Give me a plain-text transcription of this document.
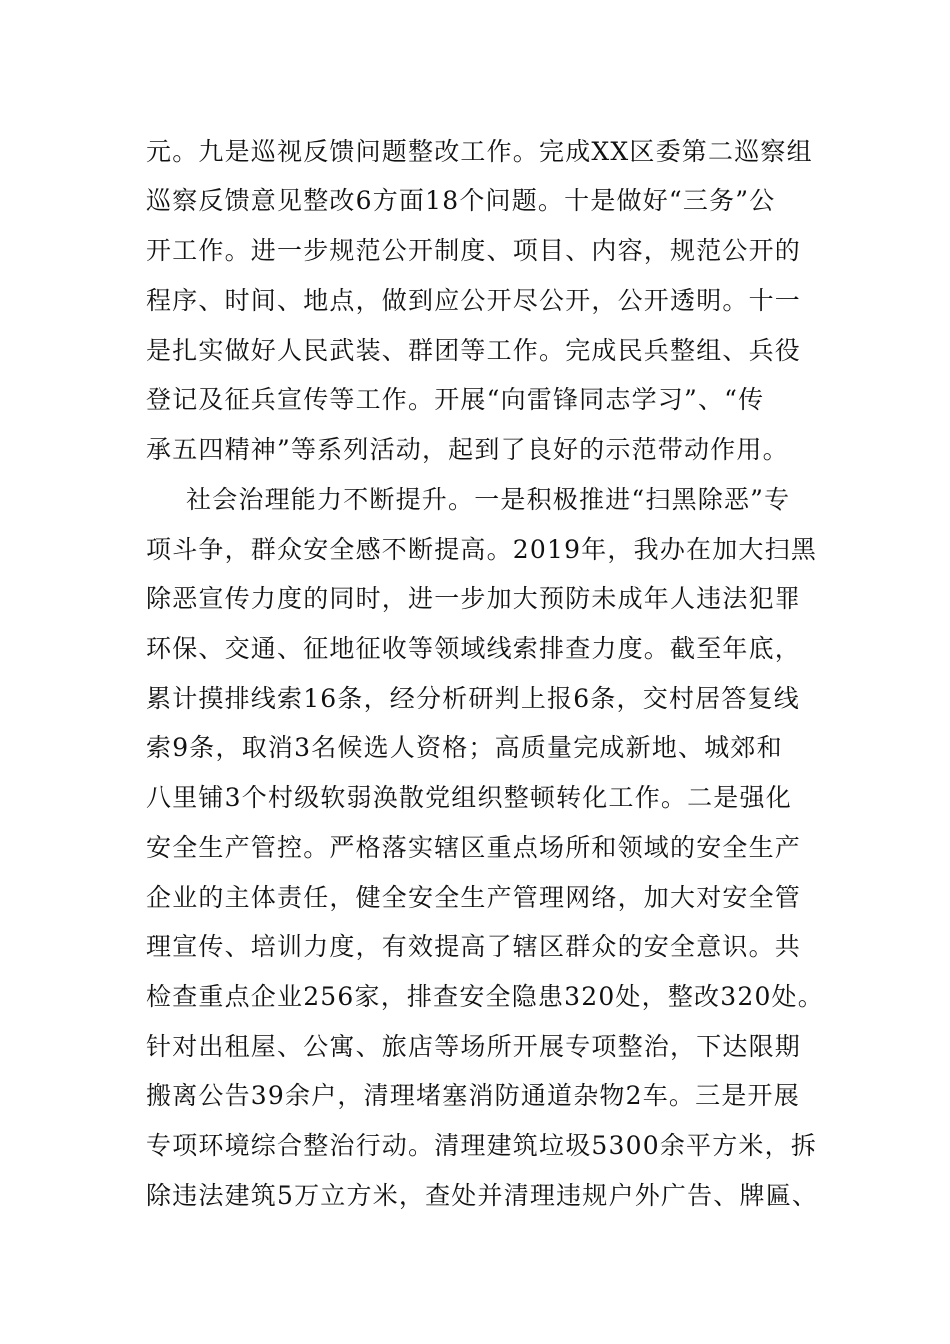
元。九是巡视反馈问题整改工作。完成XX区委第二巡察组
巡察反馈意见整改6方面18个问题。十是做好“三务”公
开工作。进一步规范公开制度、项目、内容，规范公开的
程序、时间、地点，做到应公开尽公开，公开透明。十一
是扎实做好人民武装、群团等工作。完成民兵整组、兵役
登记及征兵宣传等工作。开展“向雷锋同志学习”、“传
承五四精神”等系列活动，起到了良好的示范带动作用。
社会治理能力不断提升。一是积极推进“扫黑除恶”专
项斗争，群众安全感不断提高。2019年，我办在加大扫黑
除恶宣传力度的同时，进一步加大预防未成年人违法犯罪
环保、交通、征地征收等领域线索排查力度。截至年底，
累计摸排线索16条，经分析研判上报6条，交村居答复线
索9条，取消3名候选人资格；高质量完成新地、城郊和
八里铺3个村级软弱涣散党组织整顿转化工作。二是强化
安全生产管控。严格落实辖区重点场所和领域的安全生产
企业的主体责任，健全安全生产管理网络，加大对安全管
理宣传、培训力度，有效提高了辖区群众的安全意识。共
检查重点企业256家，排查安全隐患320处，整改320处。
针对出租屋、公寓、旅店等场所开展专项整治，下达限期
搬离公告39余户，清理堵塞消防通道杂物2车。三是开展
专项环境综合整治行动。清理建筑垃圾5300余平方米，拆
除违法建筑5万立方米，查处并清理违规户外广告、牌匾、
